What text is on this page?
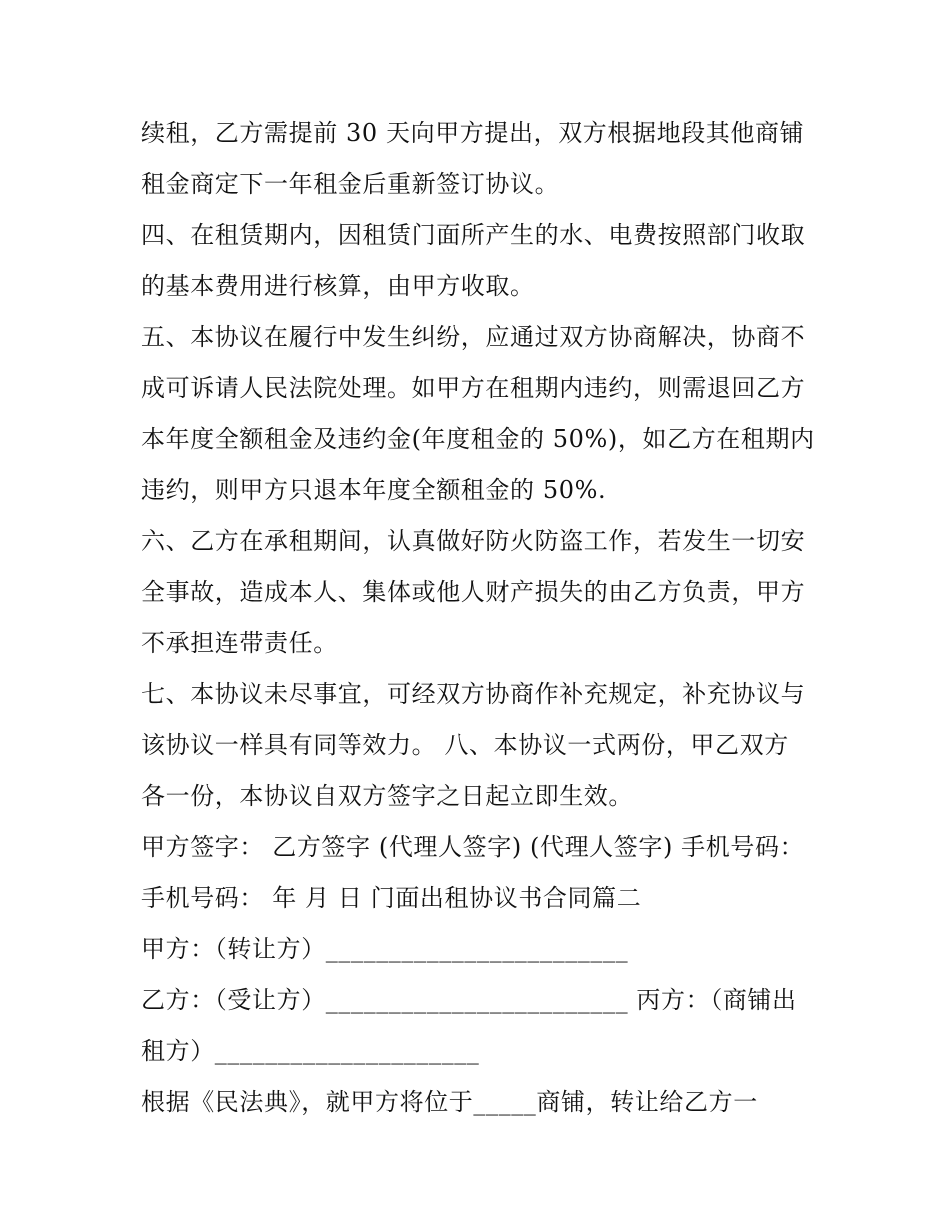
续租，乙方需提前 30 天向甲方提出，双方根据地段其他商铺
租金商定下一年租金后重新签订协议。
四、在租赁期内，因租赁门面所产生的水、电费按照部门收取
的基本费用进行核算，由甲方收取。
五、本协议在履行中发生纠纷，应通过双方协商解决，协商不
成可诉请人民法院处理。如甲方在租期内违约，则需退回乙方
本年度全额租金及违约金(年度租金的 50%)，如乙方在租期内
违约，则甲方只退本年度全额租金的 50%.
六、乙方在承租期间，认真做好防火防盗工作，若发生一切安
全事故，造成本人、集体或他人财产损失的由乙方负责，甲方
不承担连带责任。
七、本协议未尽事宜，可经双方协商作补充规定，补充协议与
该协议一样具有同等效力。 八、本协议一式两份，甲乙双方
各一份，本协议自双方签字之日起立即生效。
甲方签字： 乙方签字 (代理人签字) (代理人签字) 手机号码：
手机号码： 年 月 日 门面出租协议书合同篇二
甲方：（转让方）________________________
乙方：（受让方）________________________ 丙方：（商铺出
租方）_____________________
根据《民法典》，就甲方将位于_____商铺，转让给乙方一
